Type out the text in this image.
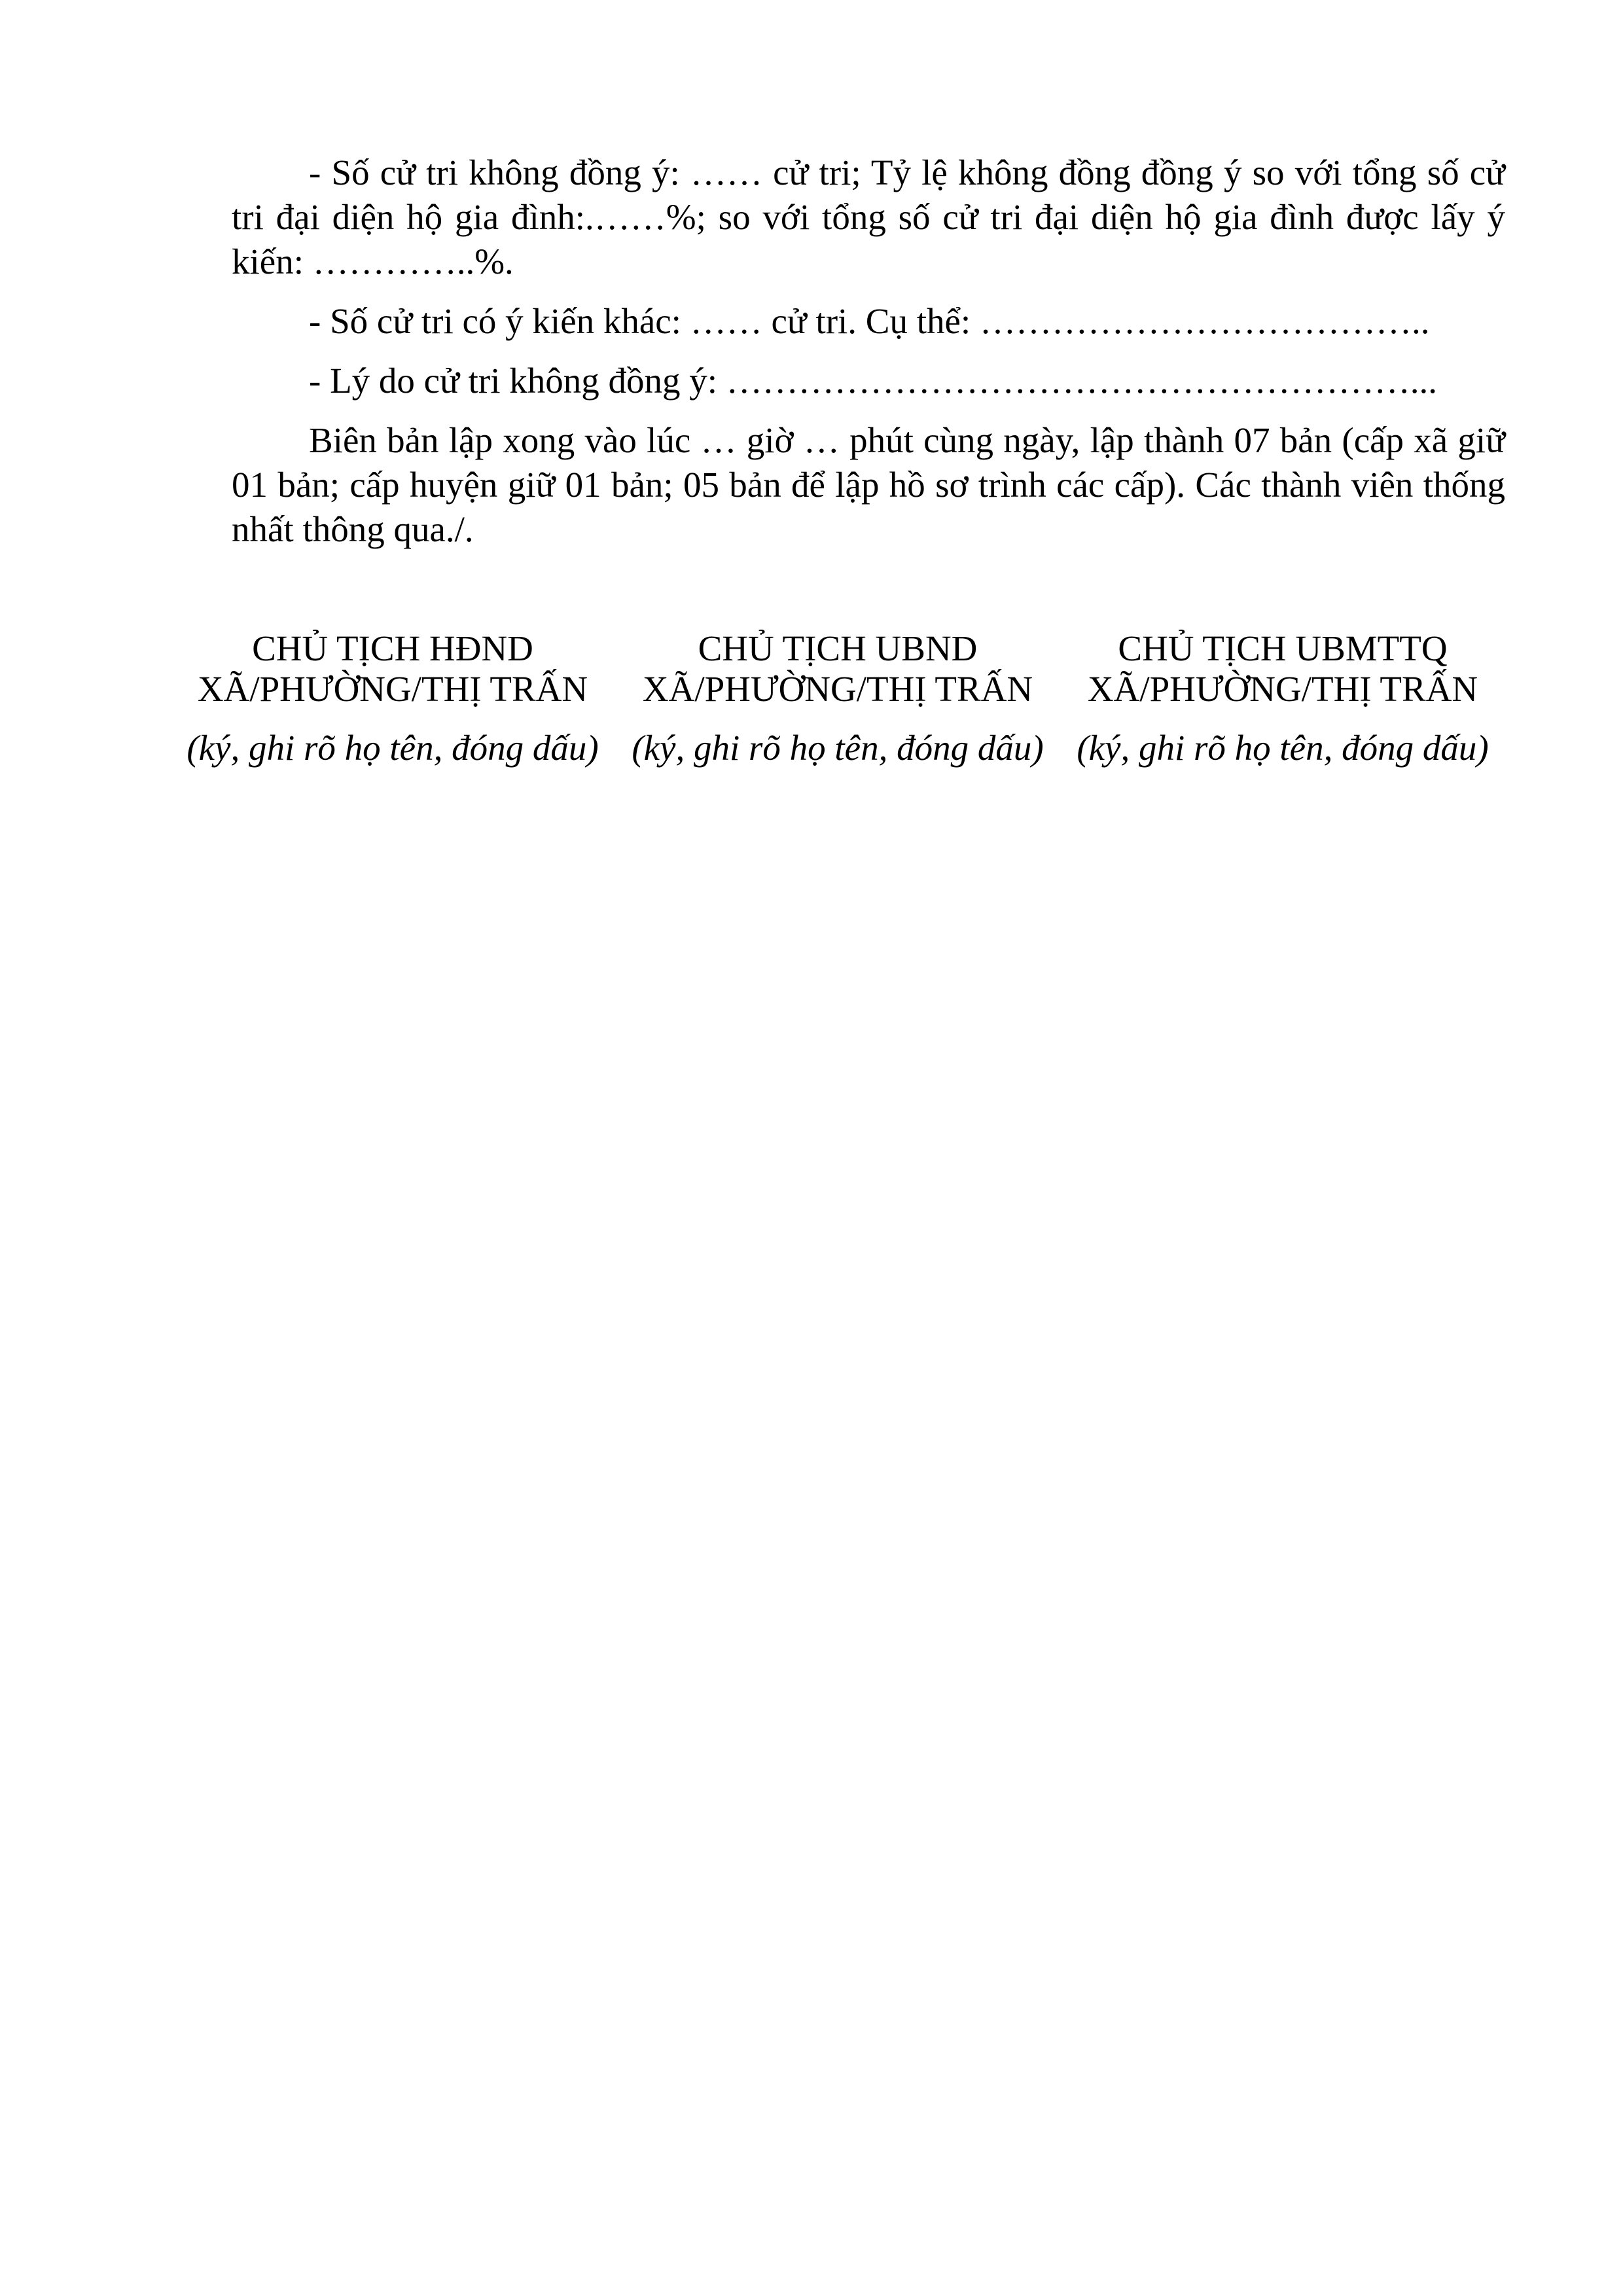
- Số cử tri không đồng ý: …… cử tri; Tỷ lệ không đồng đồng ý so với tổng số cử tri đại diện hộ gia đình:.……%; so với tổng số cử tri đại diện hộ gia đình được lấy ý kiến: …………..%.

- Số cử tri có ý kiến khác: …… cử tri. Cụ thể: ………………………………..

- Lý do cử tri không đồng ý: …………………………………………………...

Biên bản lập xong vào lúc … giờ … phút cùng ngày, lập thành 07 bản (cấp xã giữ 01 bản; cấp huyện giữ 01 bản; 05 bản để lập hồ sơ trình các cấp). Các thành viên thống nhất thông qua./.

CHỦ TỊCH HĐND
XÃ/PHƯỜNG/THỊ TRẤN
(ký, ghi rõ họ tên, đóng dấu)
CHỦ TỊCH UBND
XÃ/PHƯỜNG/THỊ TRẤN
(ký, ghi rõ họ tên, đóng dấu)
CHỦ TỊCH UBMTTQ
XÃ/PHƯỜNG/THỊ TRẤN
(ký, ghi rõ họ tên, đóng dấu)
